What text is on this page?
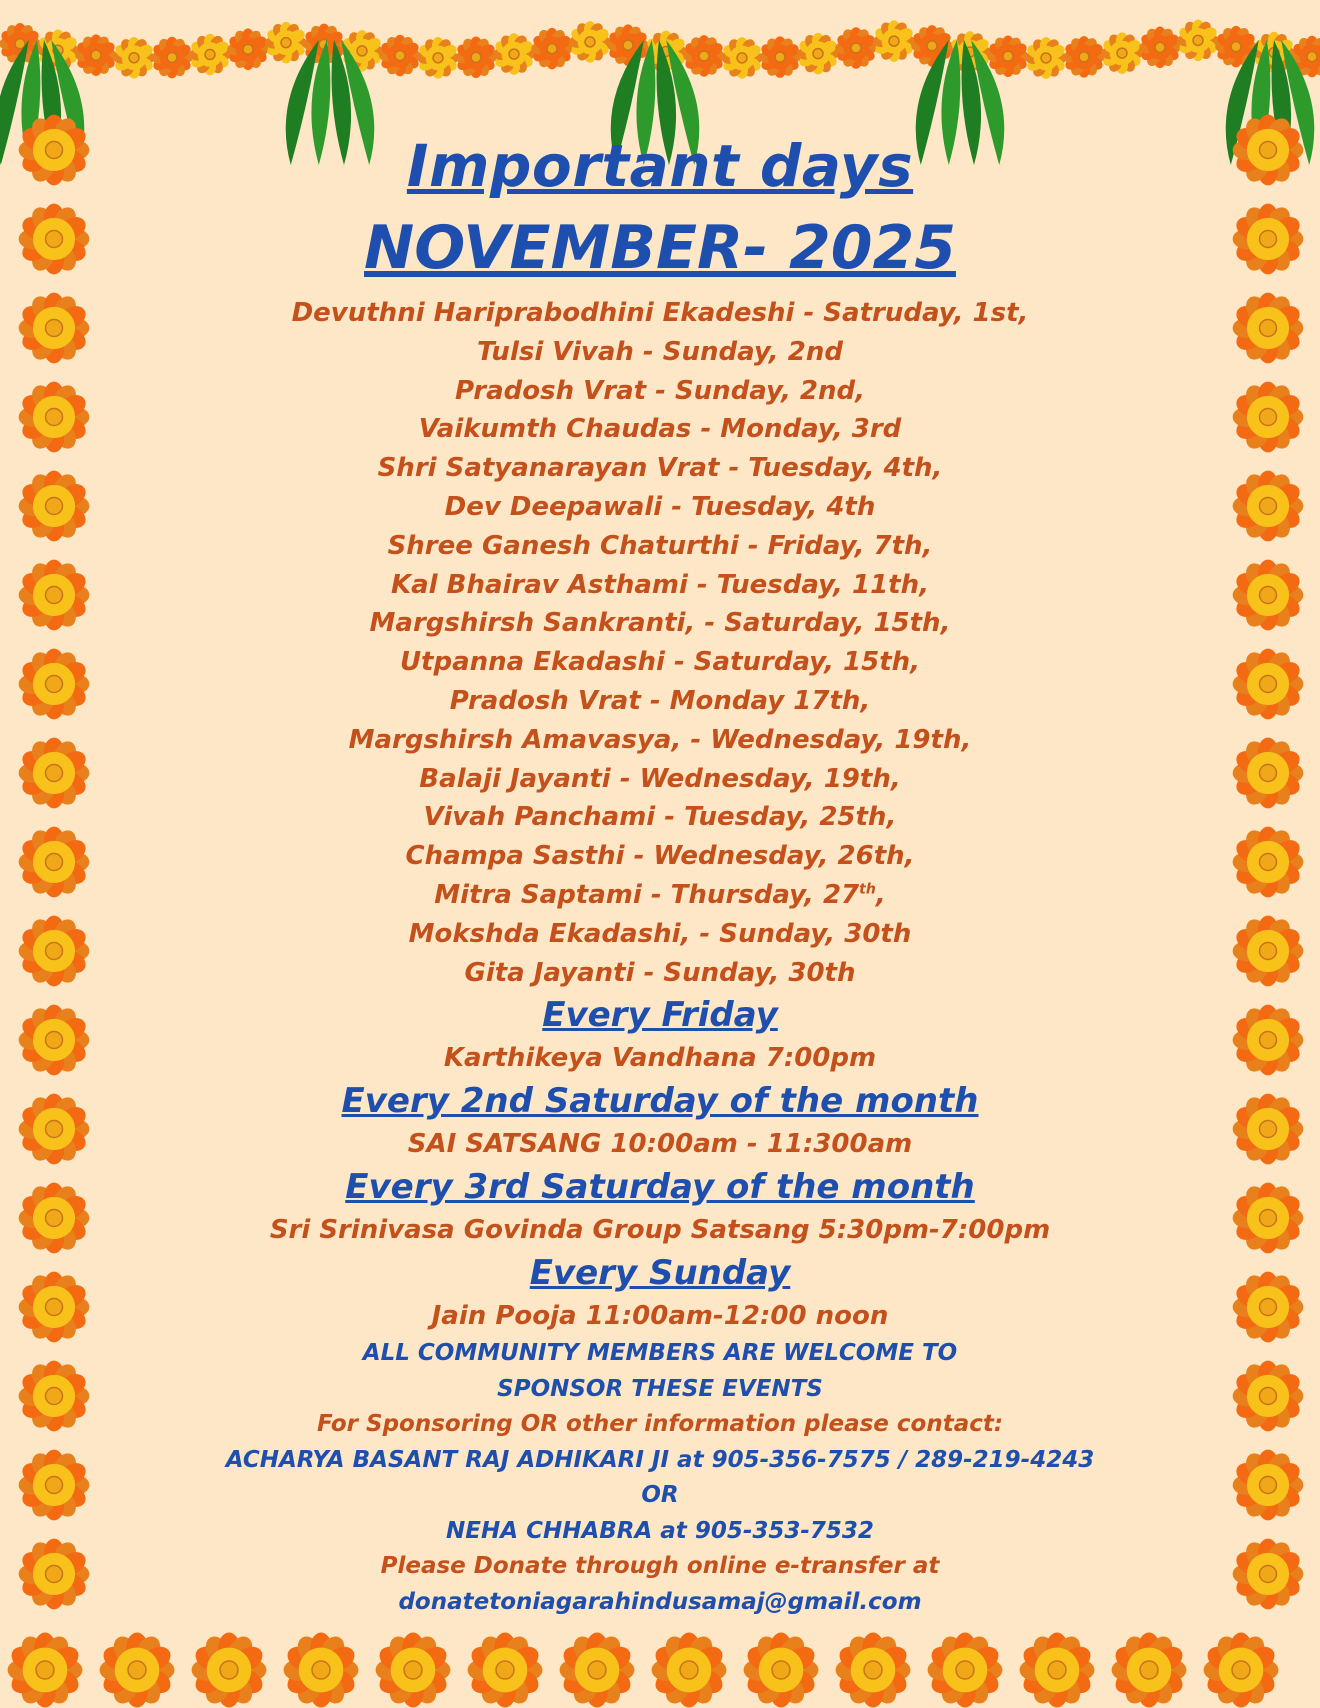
Important days
NOVEMBER- 2025
Devuthni Hariprabodhini Ekadeshi - Satruday, 1st,
Tulsi Vivah - Sunday, 2nd
Pradosh Vrat - Sunday, 2nd,
Vaikumth Chaudas - Monday, 3rd
Shri Satyanarayan Vrat - Tuesday, 4th,
Dev Deepawali - Tuesday, 4th
Shree Ganesh Chaturthi - Friday, 7th,
Kal Bhairav Asthami - Tuesday, 11th,
Margshirsh Sankranti, - Saturday, 15th,
Utpanna Ekadashi - Saturday, 15th,
Pradosh Vrat - Monday 17th,
Margshirsh Amavasya, - Wednesday, 19th,
Balaji Jayanti - Wednesday, 19th,
Vivah Panchami - Tuesday, 25th,
Champa Sasthi - Wednesday, 26th,
Mitra Saptami - Thursday, 27th,
Mokshda Ekadashi, - Sunday, 30th
Gita Jayanti - Sunday, 30th
Every Friday
Karthikeya Vandhana 7:00pm
Every 2nd Saturday of the month
SAI SATSANG 10:00am - 11:300am
Every 3rd Saturday of the month
Sri Srinivasa Govinda Group Satsang 5:30pm-7:00pm
Every Sunday
Jain Pooja 11:00am-12:00 noon
ALL COMMUNITY MEMBERS ARE WELCOME TO
SPONSOR THESE EVENTS
For Sponsoring OR other information please contact:
ACHARYA BASANT RAJ ADHIKARI JI at 905-356-7575 / 289-219-4243
OR
NEHA CHHABRA at 905-353-7532
Please Donate through online e-transfer at
donatetoniagarahindusamaj@gmail.com
